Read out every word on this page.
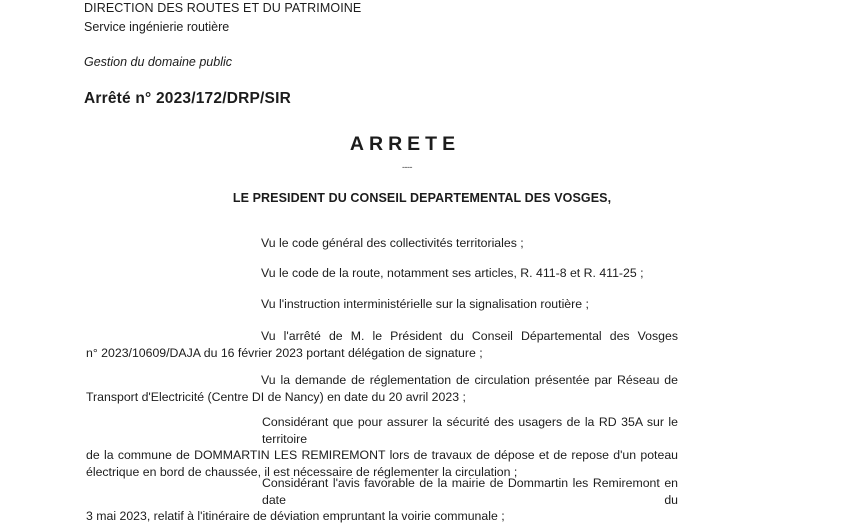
DIRECTION DES ROUTES ET DU PATRIMOINE
Service ingénierie routière
Gestion du domaine public
Arrêté n° 2023/172/DRP/SIR
ARRETE
----
LE PRESIDENT DU CONSEIL DEPARTEMENTAL DES VOSGES,
Vu le code général des collectivités territoriales ;
Vu le code de la route, notamment ses articles, R. 411-8 et R. 411-25 ;
Vu l'instruction interministérielle sur la signalisation routière ;
Vu l'arrêté de M. le Président du Conseil Départemental des Vosges
n° 2023/10609/DAJA du 16 février 2023 portant délégation de signature ;
Vu la demande de réglementation de circulation présentée par Réseau de
Transport d'Electricité (Centre DI de Nancy) en date du 20 avril 2023 ;
Considérant que pour assurer la sécurité des usagers de la RD 35A sur le territoire
de la commune de DOMMARTIN LES REMIREMONT lors de travaux de dépose et de repose d'un poteau
électrique en bord de chaussée, il est nécessaire de réglementer la circulation ;
Considérant l'avis favorable de la mairie de Dommartin les Remiremont en date du
3 mai 2023, relatif à l'itinéraire de déviation empruntant la voirie communale ;
